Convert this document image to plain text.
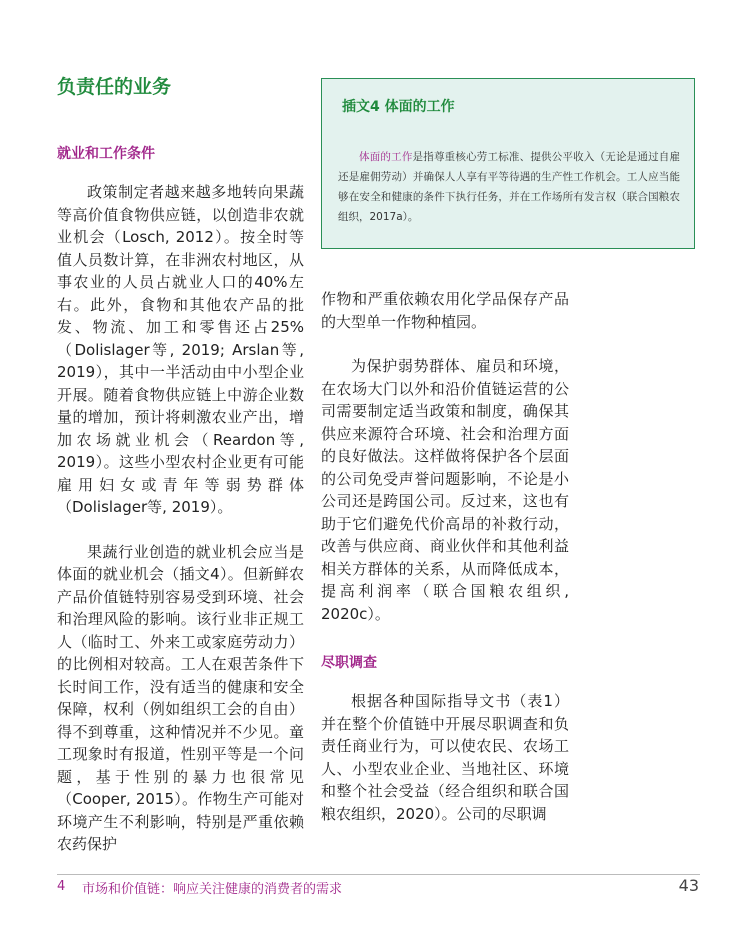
负责任的业务
就业和工作条件

政策制定者越来越多地转向果蔬等高价值食物供应链，以创造非农就业机会（Losch, 2012）。按全时等值人员数计算，在非洲农村地区，从事农业的人员占就业人口的40%左右。此外，食物和其他农产品的批发、物流、加工和零售还占25%（Dolislager等, 2019; Arslan等, 2019），其中一半活动由中小型企业开展。随着食物供应链上中游企业数量的增加，预计将刺激农业产出，增加农场就业机会（Reardon等, 2019）。这些小型农村企业更有可能雇用妇女或青年等弱势群体（Dolislager等, 2019）。

果蔬行业创造的就业机会应当是体面的就业机会（插文4）。但新鲜农产品价值链特别容易受到环境、社会和治理风险的影响。该行业非正规工人（临时工、外来工或家庭劳动力）的比例相对较高。工人在艰苦条件下长时间工作，没有适当的健康和安全保障，权利（例如组织工会的自由）得不到尊重，这种情况并不少见。童工现象时有报道，性别平等是一个问题，基于性别的暴力也很常见（Cooper, 2015）。作物生产可能对环境产生不利影响，特别是严重依赖农药保护

插文4 体面的工作
体面的工作是指尊重核心劳工标准、提供公平收入（无论是通过自雇还是雇佣劳动）并确保人人享有平等待遇的生产性工作机会。工人应当能够在安全和健康的条件下执行任务，并在工作场所有发言权（联合国粮农组织，2017a）。

作物和严重依赖农用化学品保存产品的大型单一作物种植园。

为保护弱势群体、雇员和环境，在农场大门以外和沿价值链运营的公司需要制定适当政策和制度，确保其供应来源符合环境、社会和治理方面的良好做法。这样做将保护各个层面的公司免受声誉问题影响，不论是小公司还是跨国公司。反过来，这也有助于它们避免代价高昂的补救行动，改善与供应商、商业伙伴和其他利益相关方群体的关系，从而降低成本，提高利润率（联合国粮农组织, 2020c）。

尽职调查

根据各种国际指导文书（表1）并在整个价值链中开展尽职调查和负责任商业行为，可以使农民、农场工人、小型农业企业、当地社区、环境和整个社会受益（经合组织和联合国粮农组织，2020）。公司的尽职调

4 市场和价值链：响应关注健康的消费者的需求	43
